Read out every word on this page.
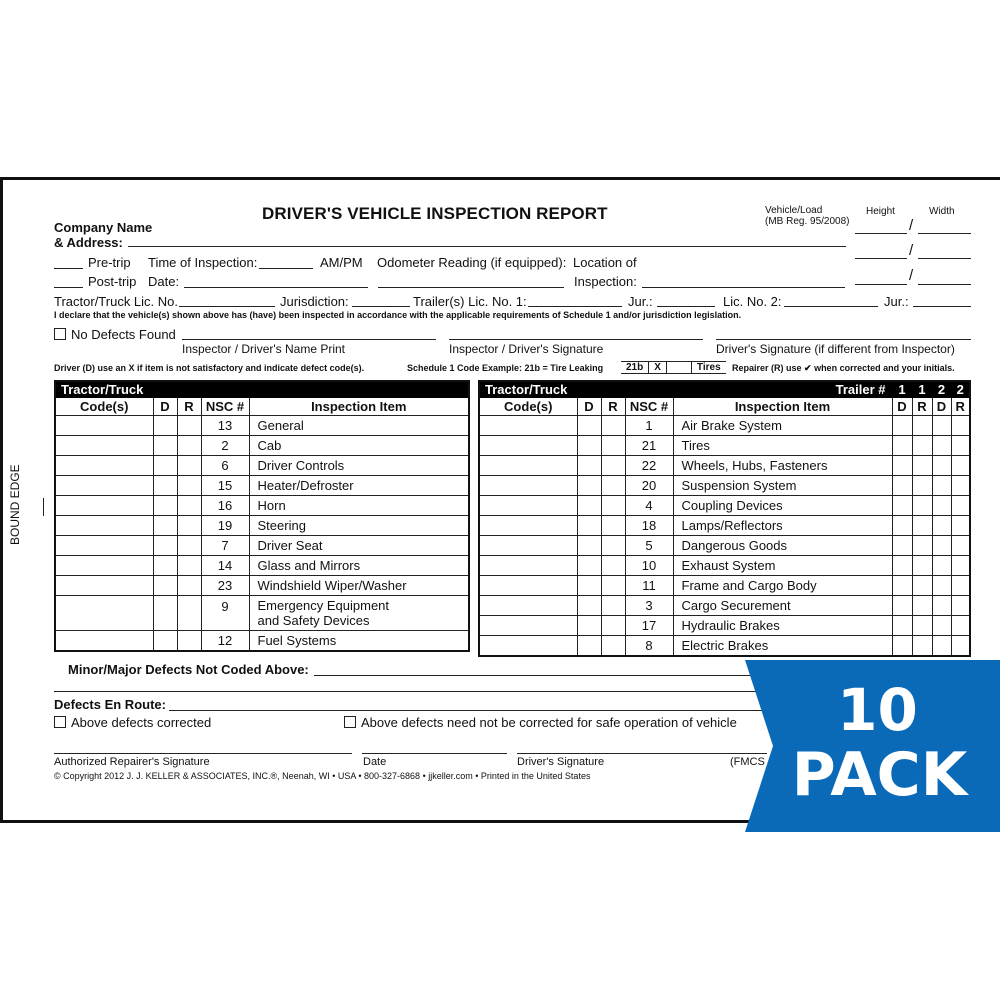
DRIVER'S VEHICLE INSPECTION REPORT
Company Name
& Address:
Vehicle/Load
(MB Reg. 95/2008)
Height	Width
/
/
/
Pre-trip Time of Inspection:	AM/PM Odometer Reading (if equipped): Location of
Post-trip Date:	Inspection:
Tractor/Truck Lic. No.	Jurisdiction:	Trailer(s) Lic. No. 1:	Jur.:	Lic. No. 2:	Jur.:
I declare that the vehicle(s) shown above has (have) been inspected in accordance with the applicable requirements of Schedule 1 and/or jurisdiction legislation.
No Defects Found
Inspector / Driver's Name Print	Inspector / Driver's Signature	Driver's Signature (if different from Inspector)
Driver (D) use an X if item is not satisfactory and indicate defect code(s).	Schedule 1 Code Example: 21b = Tire Leaking 21b	X		Tires Repairer (R) use ✔ when corrected and your initials.
BOUND EDGE
Tractor/Truck				
Code(s)	D	R	NSC #	Inspection Item
			13	General
			2	Cab
			6	Driver Controls
			15	Heater/Defroster
			16	Horn
			19	Steering
			7	Driver Seat
			14	Glass and Mirrors
			23	Windshield Wiper/Washer
			9	Emergency Equipment
and Safety Devices

			12	Fuel Systems
Tractor/Truck Trailer #					1	1	2	2
Code(s)	D	R	NSC #	Inspection Item	D	R	D	R
			1	Air Brake System				
			21	Tires				
			22	Wheels, Hubs, Fasteners				
			20	Suspension System				
			4	Coupling Devices				
			18	Lamps/Reflectors				
			5	Dangerous Goods				
			10	Exhaust System				
			11	Frame and Cargo Body				
			3	Cargo Securement				
			17	Hydraulic Brakes				
			8	Electric Brakes				
Minor/Major Defects Not Coded Above:
Defects En Route:
Above defects corrected	Above defects need not be corrected for safe operation of vehicle
Authorized Repairer's Signature	Date	Driver's Signature	(FMCS
© Copyright 2012 J. J. KELLER & ASSOCIATES, INC.®, Neenah, WI • USA • 800-327-6868 • jjkeller.com • Printed in the United States
10
PACK
